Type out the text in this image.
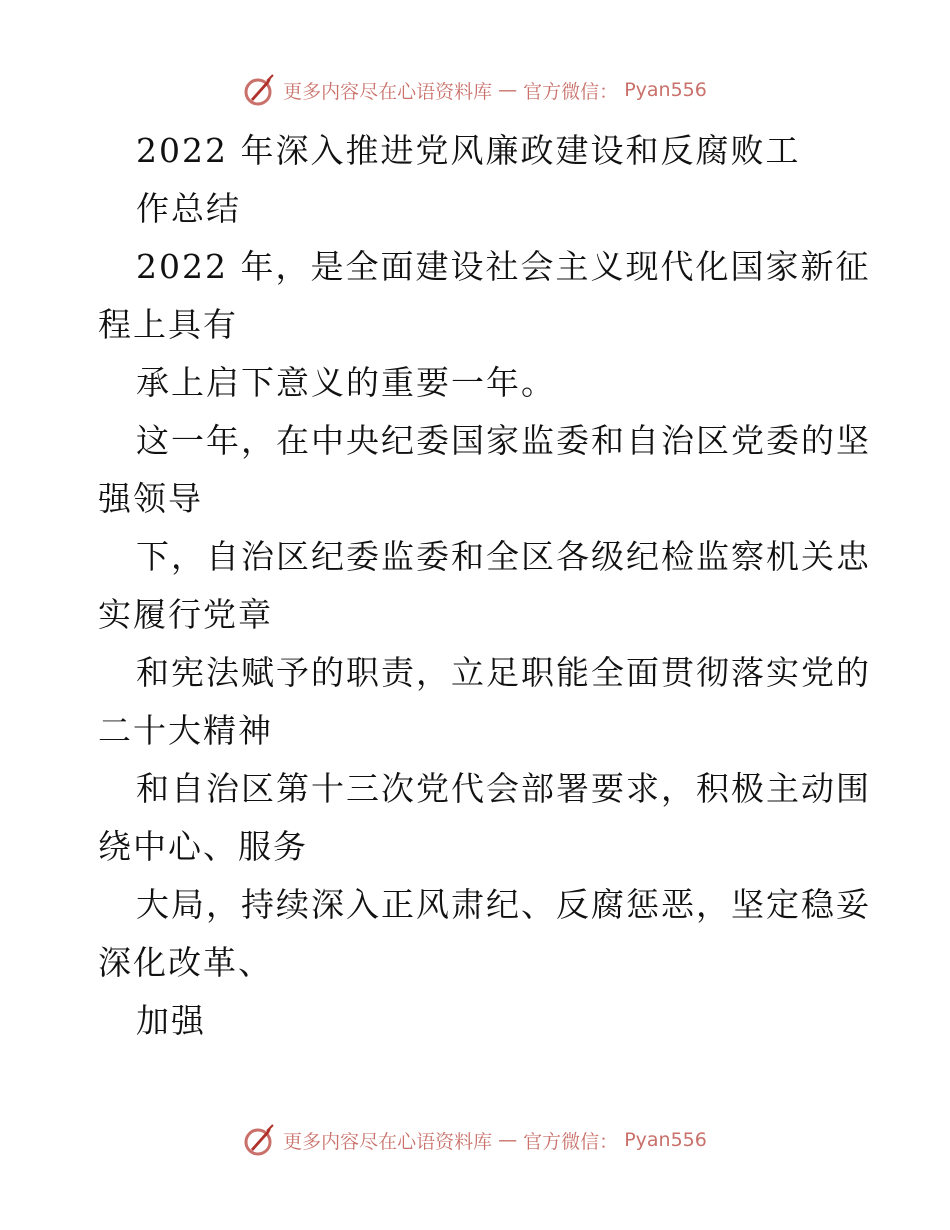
更多内容尽在心语资料库 — 官方微信： Pyan556
2022 年深入推进党风廉政建设和反腐败工
作总结
2022 年，是全面建设社会主义现代化国家新征
程上具有
承上启下意义的重要一年。
这一年，在中央纪委国家监委和自治区党委的坚
强领导
下，自治区纪委监委和全区各级纪检监察机关忠
实履行党章
和宪法赋予的职责，立足职能全面贯彻落实党的
二十大精神
和自治区第十三次党代会部署要求，积极主动围
绕中心、服务
大局，持续深入正风肃纪、反腐惩恶，坚定稳妥
深化改革、
加强
更多内容尽在心语资料库 — 官方微信： Pyan556
